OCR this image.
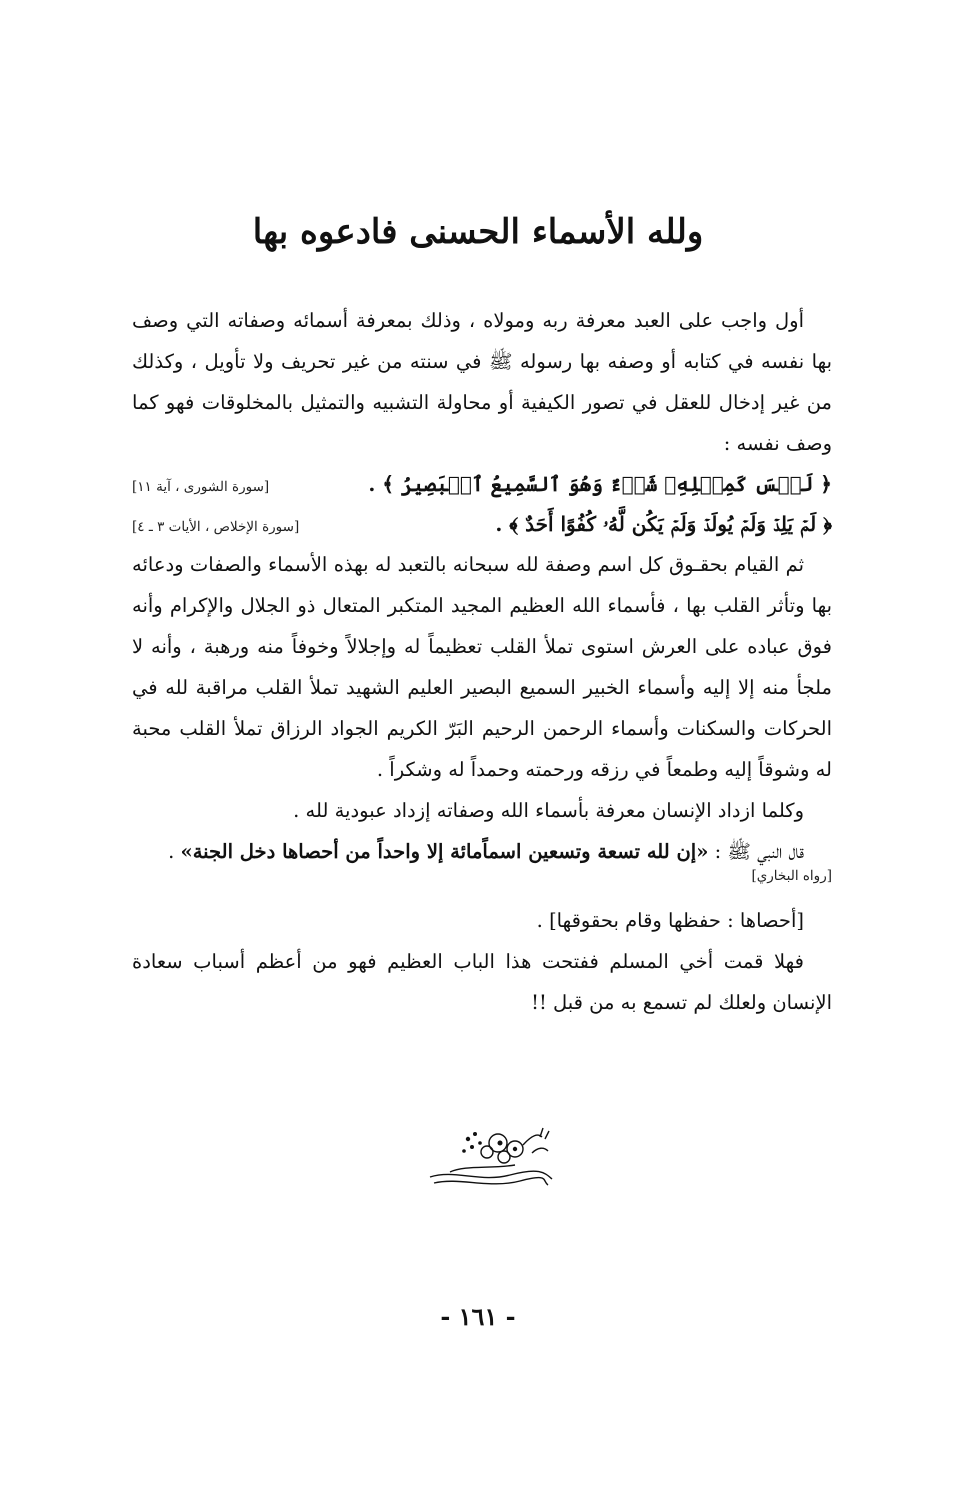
ولله الأسماء الحسنى فادعوه بها

أول واجب على العبد معرفة ربه ومولاه ، وذلك بمعرفة أسمائه وصفاته التي وصف بها نفسه في كتابه أو وصفه بها رسوله ﷺ في سنته من غير تحريف ولا تأويل ، وكذلك من غير إدخال للعقل في تصور الكيفية أو محاولة التشبيه والتمثيل بالمخلوقات فهو كما وصف نفسه :

﴿ لَيۡسَ كَمِثۡلِهِۦ شَىۡءٌ وَهُوَ ٱلسَّمِيعُ ٱلۡبَصِيرُ ﴾ .
[سورة الشورى ، آية ١١]
﴿ لَمۡ يَلِدۡ وَلَمۡ يُولَدۡ وَلَمۡ يَكُن لَّهُۥ كُفُوًا أَحَدٌ ﴾ .
[سورة الإخلاص ، الأيات ٣ ـ ٤]

ثم القيام بحقـوق كل اسم وصفة لله سبحانه بالتعبد له بهذه الأسماء والصفات ودعائه بها وتأثر القلب بها ، فأسماء الله العظيم المجيد المتكبر المتعال ذو الجلال والإكرام وأنه فوق عباده على العرش استوى تملأ القلب تعظيماً له وإجلالاً وخوفاً منه ورهبة ، وأنه لا ملجأ منه إلا إليه وأسماء الخبير السميع البصير العليم الشهيد تملأ القلب مراقبة لله في الحركات والسكنات وأسماء الرحمن الرحيم البَرّ الكريم الجواد الرزاق تملأ القلب محبة له وشوقاً إليه وطمعاً في رزقه ورحمته وحمداً له وشكراً .

وكلما ازداد الإنسان معرفة بأسماء الله وصفاته إزداد عبودية لله .

قال النبي ﷺ : «إن لله تسعة وتسعين اسماًمائة إلا واحداً من أحصاها دخل الجنة» .

[رواه البخاري]

[أحصاها : حفظها وقام بحقوقها] .

فهلا قمت أخي المسلم ففتحت هذا الباب العظيم فهو من أعظم أسباب سعادة الإنسان ولعلك لم تسمع به من قبل !!

- ١٦١ -
